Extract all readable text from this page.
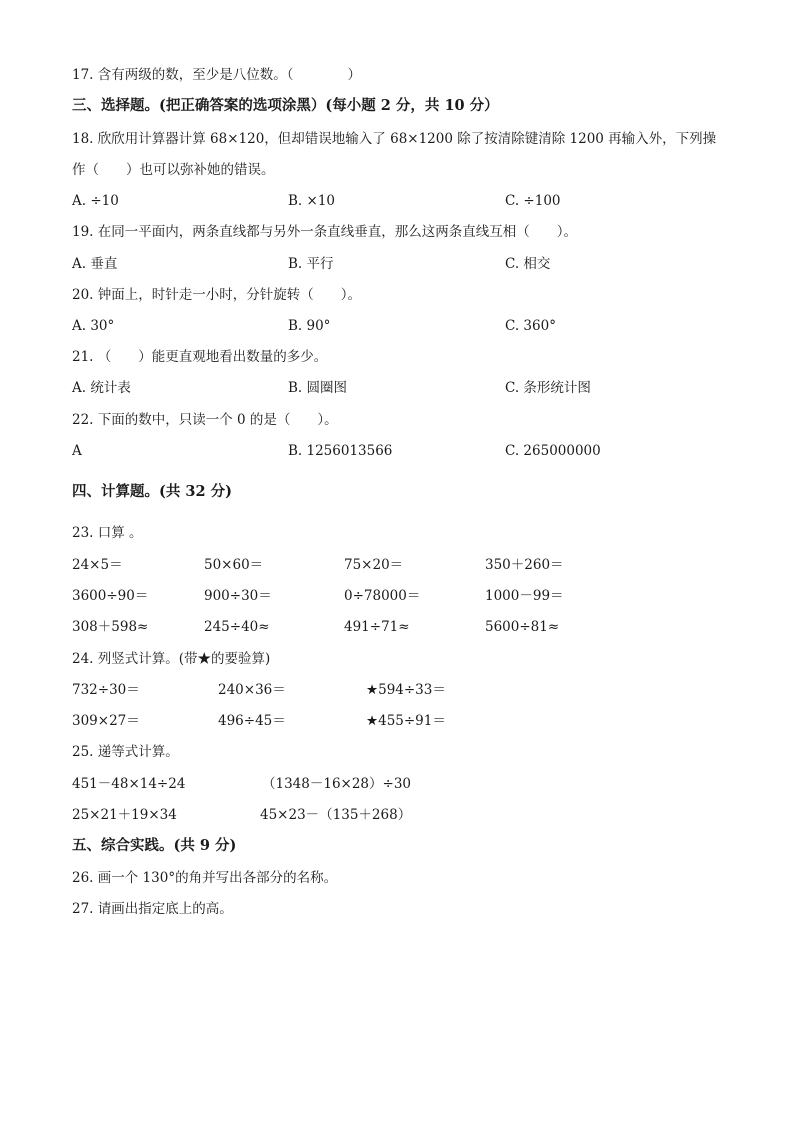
17. 含有两级的数，至少是八位数。（　　　　）
三、选择题。(把正确答案的选项涂黑）(每小题 2 分，共 10 分）
18. 欣欣用计算器计算 68×120，但却错误地输入了 68×1200 除了按清除键清除 1200 再输入外，下列操
作（　　）也可以弥补她的错误。
A. ÷10	B. ×10	C. ÷100
19. 在同一平面内，两条直线都与另外一条直线垂直，那么这两条直线互相（　　）。
A. 垂直	B. 平行	C. 相交
20. 钟面上，时针走一小时，分针旋转（　　）。
A. 30°	B. 90°	C. 360°
21. （　　）能更直观地看出数量的多少。
A. 统计表	B. 圆圈图	C. 条形统计图
22. 下面的数中，只读一个 0 的是（　　）。
A	B. 1256013566	C. 265000000
四、计算题。(共 32 分)
23. 口算 。
24×5＝	50×60＝	75×20＝	350＋260＝
3600÷90＝	900÷30＝	0÷78000＝	1000－99＝
308＋598≈	245÷40≈	491÷71≈	5600÷81≈
24. 列竖式计算。(带★的要验算)
732÷30＝	240×36＝	★594÷33＝
309×27＝	496÷45＝	★455÷91＝
25. 递等式计算。
451－48×14÷24	（1348－16×28）÷30
25×21＋19×34	45×23－（135＋268）
五、综合实践。(共 9 分)
26. 画一个 130°的角并写出各部分的名称。
27. 请画出指定底上的高。
